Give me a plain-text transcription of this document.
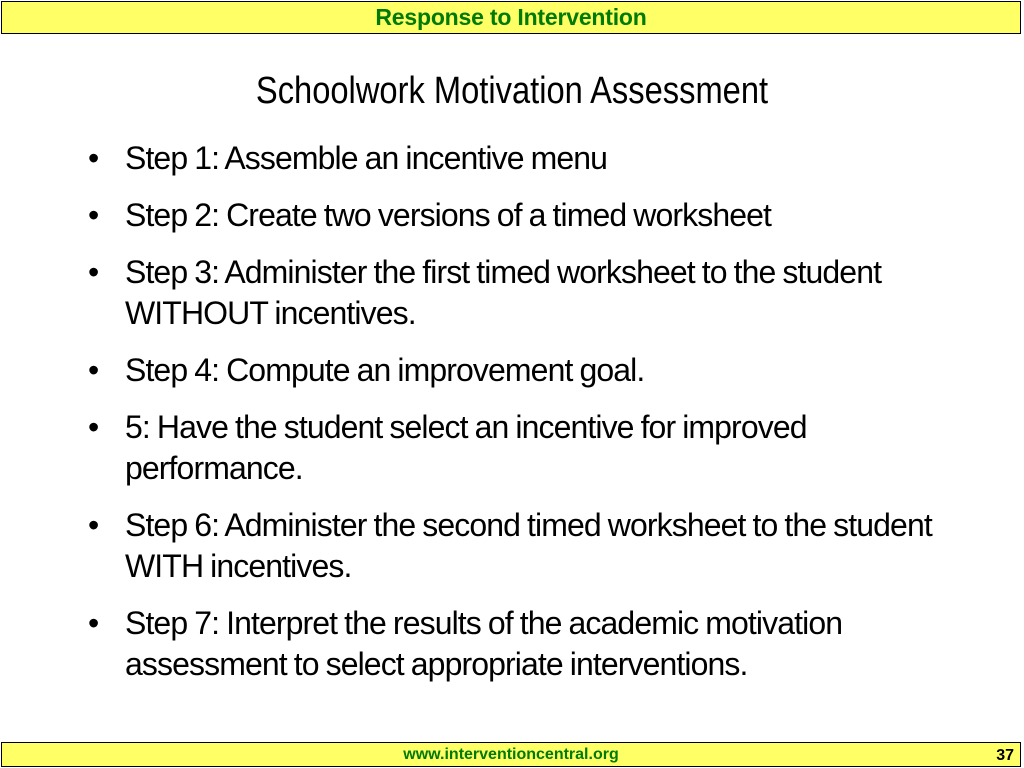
Response to Intervention
Schoolwork Motivation Assessment
• Step 1: Assemble an incentive menu
• Step 2: Create two versions of a timed worksheet
• Step 3: Administer the first timed worksheet to the student WITHOUT incentives.
• Step 4: Compute an improvement goal.
• 5: Have the student select an incentive for improved performance.
• Step 6: Administer the second timed worksheet to the student WITH incentives.
• Step 7: Interpret the results of the academic motivation assessment to select appropriate interventions.
www.interventioncentral.org	37
